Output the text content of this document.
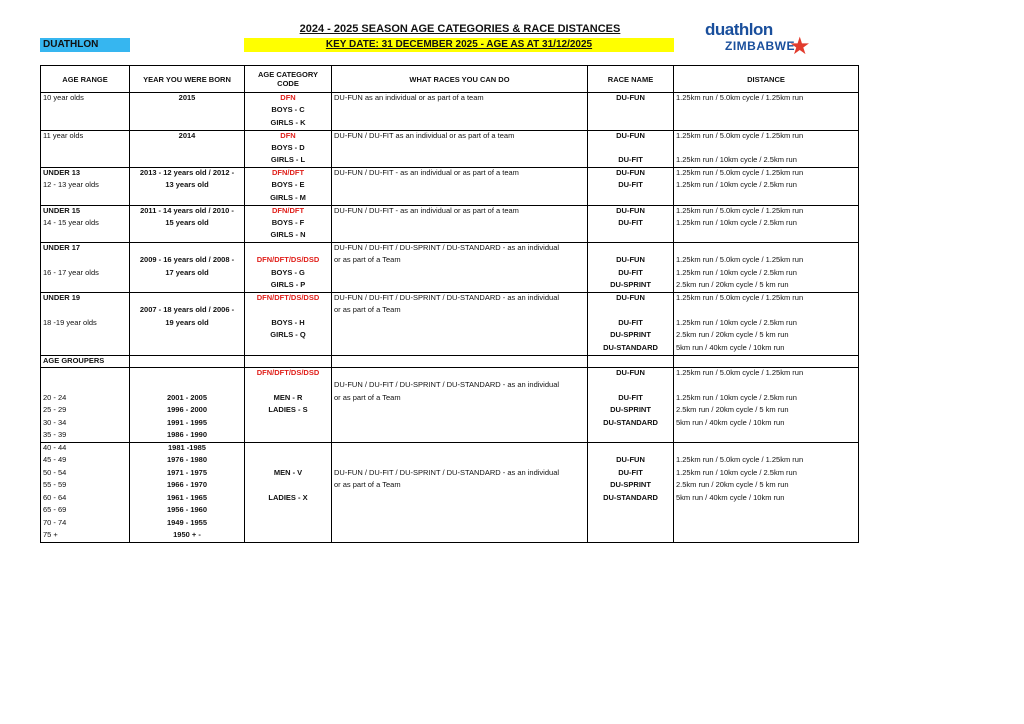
2024 - 2025 SEASON AGE CATEGORIES & RACE DISTANCES
DUATHLON	KEY DATE: 31 DECEMBER 2025 - AGE AS AT 31/12/2025
duathlon
ZIMBABWE
★
AGE RANGE	YEAR YOU WERE BORN	AGE CATEGORY CODE	WHAT RACES YOU CAN DO	RACE NAME	DISTANCE
10 year olds	2015	DFN	DU-FUN as an individual or as part of a team	DU-FUN	1.25km run / 5.0km cycle / 1.25km run
		BOYS - C			
		GIRLS - K			
11 year olds	2014	DFN	DU-FUN / DU-FIT as an individual or as part of a team	DU-FUN	1.25km run / 5.0km cycle / 1.25km run
		BOYS - D			
		GIRLS - L		DU-FIT	1.25km run / 10km cycle / 2.5km run
UNDER 13	2013 - 12 years old / 2012 -	DFN/DFT	DU-FUN / DU-FIT - as an individual or as part of a team	DU-FUN	1.25km run / 5.0km cycle / 1.25km run
12 - 13 year olds	13 years old	BOYS - E		DU-FIT	1.25km run / 10km cycle / 2.5km run
		GIRLS - M			
UNDER 15	2011 - 14 years old / 2010 -	DFN/DFT	DU-FUN / DU-FIT - as an individual or as part of a team	DU-FUN	1.25km run / 5.0km cycle / 1.25km run
14 - 15 year olds	15 years old	BOYS - F		DU-FIT	1.25km run / 10km cycle / 2.5km run
		GIRLS - N			
UNDER 17			DU-FUN / DU-FIT / DU-SPRINT / DU-STANDARD - as an individual		
	2009 - 16 years old / 2008 -	DFN/DFT/DS/DSD	or as part of a Team	DU-FUN	1.25km run / 5.0km cycle / 1.25km run
16 - 17 year olds	17 years old	BOYS - G		DU-FIT	1.25km run / 10km cycle / 2.5km run
		GIRLS - P		DU-SPRINT	2.5km run / 20km cycle / 5 km run
UNDER 19		DFN/DFT/DS/DSD	DU-FUN / DU-FIT / DU-SPRINT / DU-STANDARD - as an individual	DU-FUN	1.25km run / 5.0km cycle / 1.25km run
	2007 - 18 years old / 2006 -		or as part of a Team		
18 -19 year olds	19 years old	BOYS - H		DU-FIT	1.25km run / 10km cycle / 2.5km run
		GIRLS - Q		DU-SPRINT	2.5km run / 20km cycle / 5 km run
				DU-STANDARD	5km run / 40km cycle / 10km run
AGE GROUPERS					
		DFN/DFT/DS/DSD		DU-FUN	1.25km run / 5.0km cycle / 1.25km run
			DU-FUN / DU-FIT / DU-SPRINT / DU-STANDARD - as an individual		
20 - 24	2001 - 2005	MEN - R	or as part of a Team	DU-FIT	1.25km run / 10km cycle / 2.5km run
25 - 29	1996 - 2000	LADIES - S		DU-SPRINT	2.5km run / 20km cycle / 5 km run
30 - 34	1991 - 1995			DU-STANDARD	5km run / 40km cycle / 10km run
35 - 39	1986 - 1990				
40 - 44	1981 -1985				
45 - 49	1976 - 1980			DU-FUN	1.25km run / 5.0km cycle / 1.25km run
50 - 54	1971 - 1975	MEN - V	DU-FUN / DU-FIT / DU-SPRINT / DU-STANDARD - as an individual	DU-FIT	1.25km run / 10km cycle / 2.5km run
55 - 59	1966 - 1970		or as part of a Team	DU-SPRINT	2.5km run / 20km cycle / 5 km run
60 - 64	1961 - 1965	LADIES - X		DU-STANDARD	5km run / 40km cycle / 10km run
65 - 69	1956 - 1960				
70 - 74	1949 - 1955				
75 +	1950 + -				
